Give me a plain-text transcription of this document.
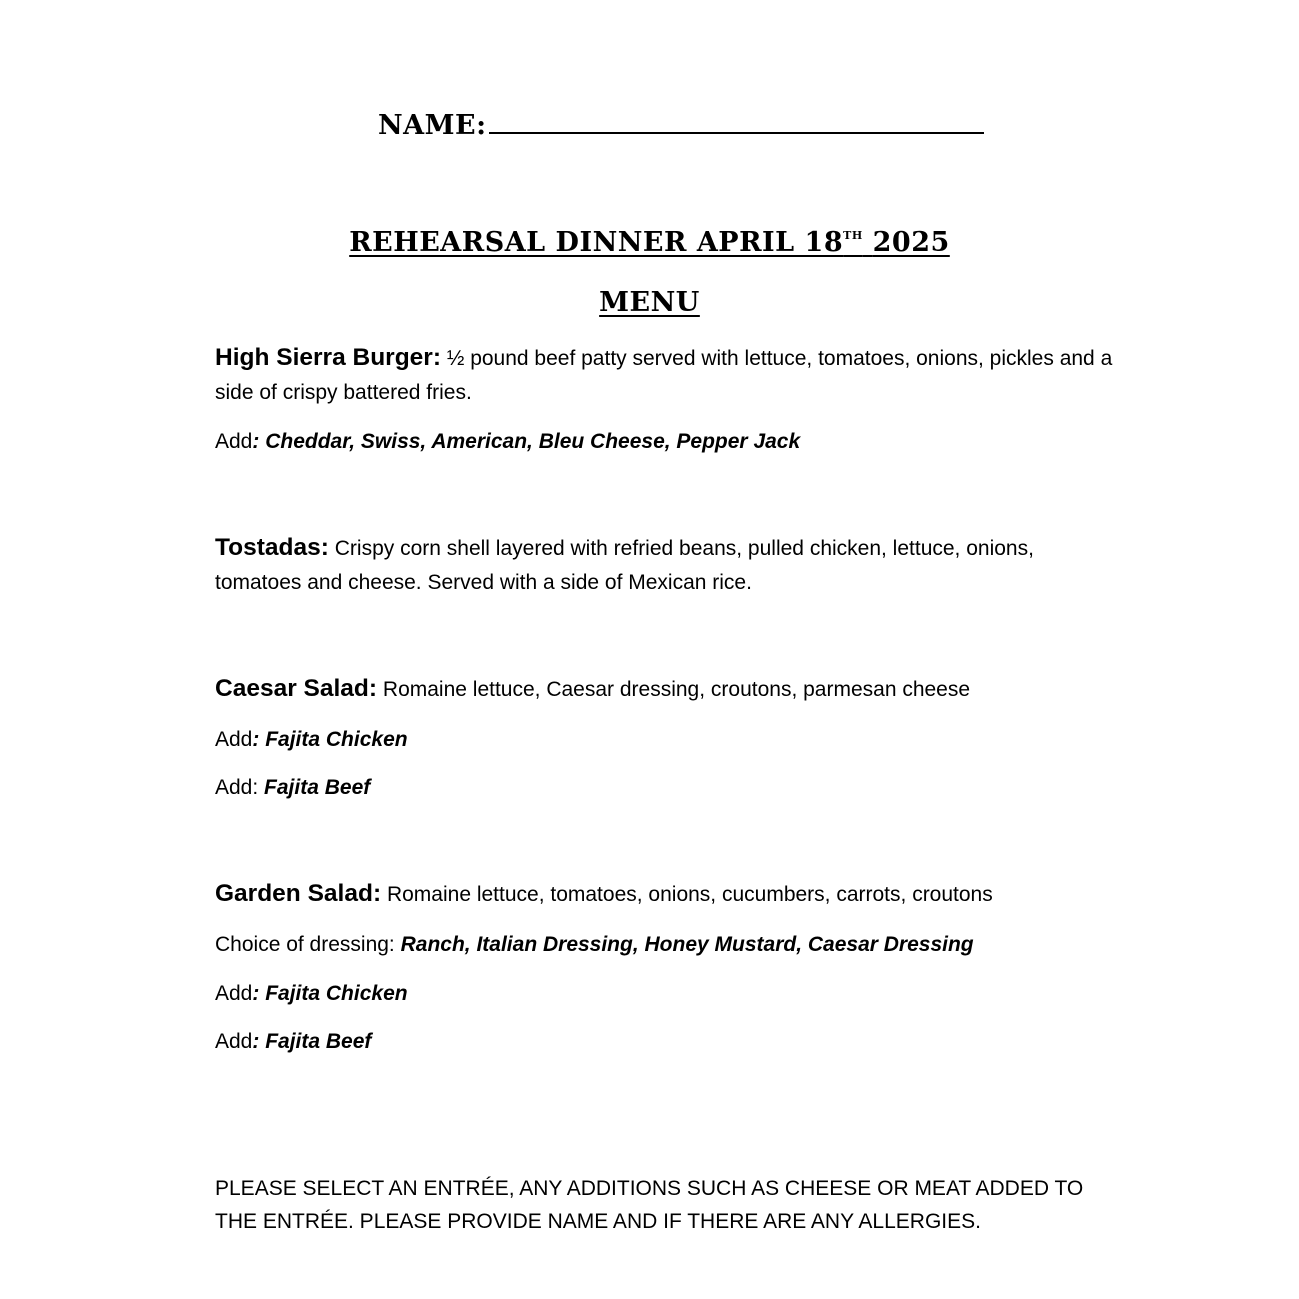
NAME:
REHEARSAL DINNER APRIL 18TH 2025
MENU
High Sierra Burger: ½ pound beef patty served with lettuce, tomatoes, onions, pickles and a side of crispy battered fries.
Add: Cheddar, Swiss, American, Bleu Cheese, Pepper Jack
Tostadas: Crispy corn shell layered with refried beans, pulled chicken, lettuce, onions, tomatoes and cheese. Served with a side of Mexican rice.
Caesar Salad: Romaine lettuce, Caesar dressing, croutons, parmesan cheese
Add: Fajita Chicken
Add: Fajita Beef
Garden Salad: Romaine lettuce, tomatoes, onions, cucumbers, carrots, croutons
Choice of dressing: Ranch, Italian Dressing, Honey Mustard, Caesar Dressing
Add: Fajita Chicken
Add: Fajita Beef
PLEASE SELECT AN ENTRÉE, ANY ADDITIONS SUCH AS CHEESE OR MEAT ADDED TO THE ENTRÉE. PLEASE PROVIDE NAME AND IF THERE ARE ANY ALLERGIES.
